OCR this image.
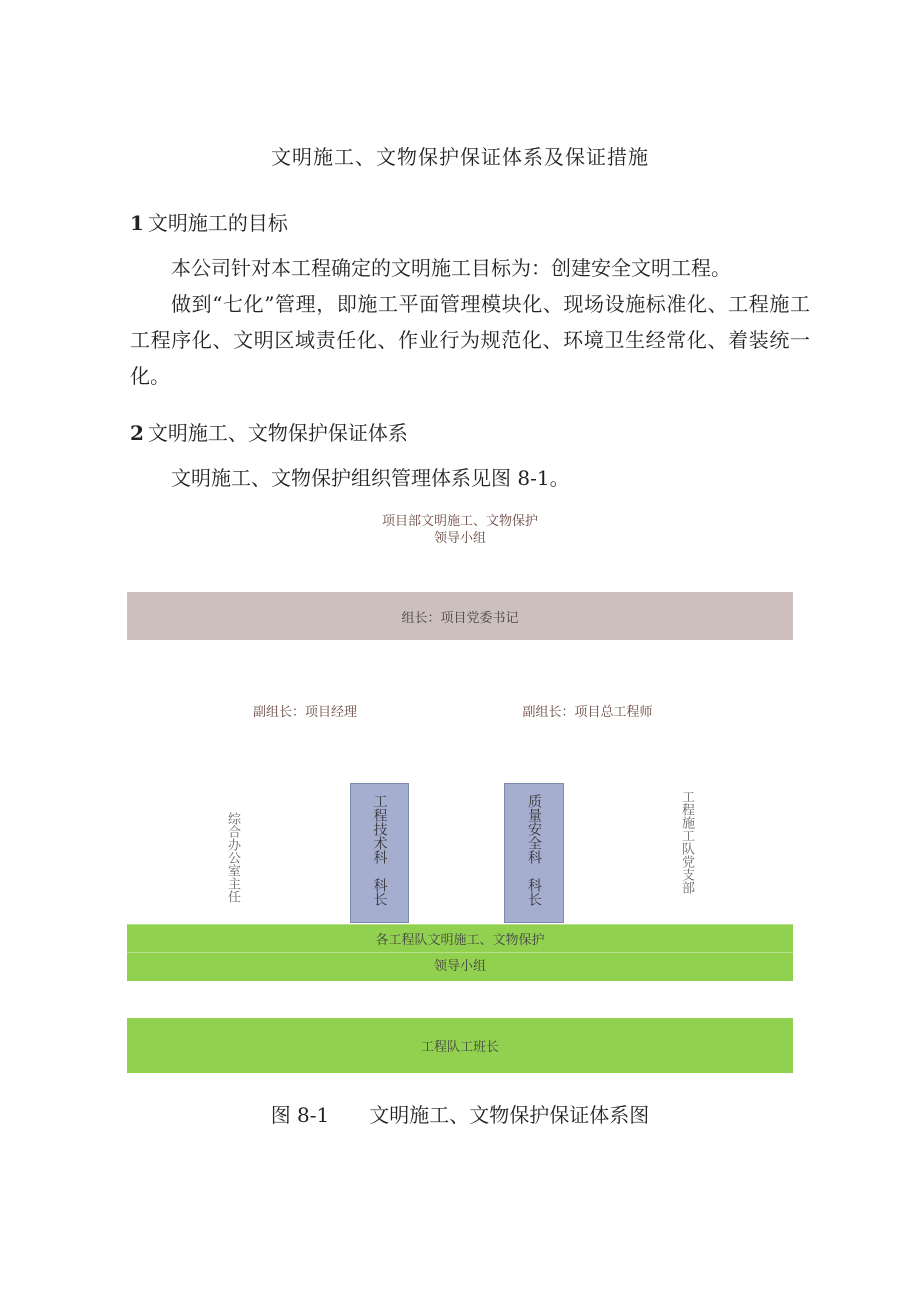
文明施工、文物保护保证体系及保证措施
1 文明施工的目标
本公司针对本工程确定的文明施工目标为：创建安全文明工程。
做到“七化”管理，即施工平面管理模块化、现场设施标准化、工程施工工程序化、文明区域责任化、作业行为规范化、环境卫生经常化、着装统一化。
2 文明施工、文物保护保证体系
文明施工、文物保护组织管理体系见图 8-1。
项目部文明施工、文物保护
领导小组
组长：项目党委书记
副组长：项目经理	副组长：项目总工程师
综合办公室主任	工程技术科　科长	质量安全科　科长	工程施工队党支部
各工程队文明施工、文物保护
领导小组
工程队工班长
图 8-1 文明施工、文物保护保证体系图
